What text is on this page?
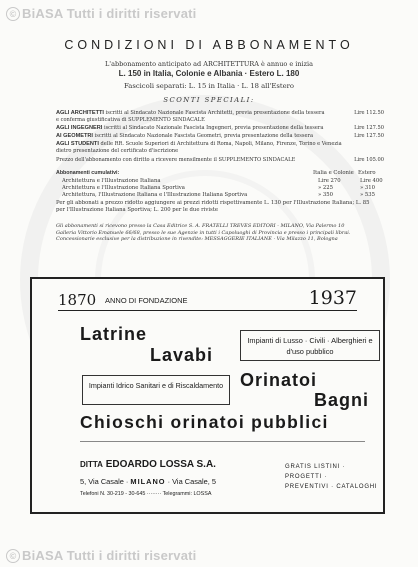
© BiASA Tutti i diritti riservati
© BiASA Tutti i diritti riservati
CONDIZIONI DI ABBONAMENTO
L'abbonamento anticipato ad ARCHITETTURA è annuo e inizia
L. 150 in Italia, Colonie e Albania · Estero L. 180
Fascicoli separati: L. 15 in Italia · L. 18 all'Estero
SCONTI SPECIALI:
AGLI ARCHITETTI iscritti al Sindacato Nazionale Fascista Architetti, previa presentazione della tessera	Lire 112.50
e conferma giustificativa di SUPPLEMENTO SINDACALE
AGLI INGEGNERI iscritti al Sindacato Nazionale Fascista Ingegneri, previa presentazione della tessera	Lire 127.50
AI GEOMETRI iscritti al Sindacato Nazionale Fascista Geometri, previa presentazione della tessera	Lire 127.50
AGLI STUDENTI delle RR. Scuole Superiori di Architettura di Roma, Napoli, Milano, Firenze, Torino e Venezia
dietro presentazione del certificato d'iscrizione
Prezzo dell'abbonamento con diritto a ricevere mensilmente il SUPPLEMENTO SINDACALE	Lire 105.00
Abbonamenti cumulativi:	Italia e Colonie Estero
Architettura e l'Illustrazione Italiana	Lire 270	Lire 400
Architettura e l'Illustrazione Italiana Sportiva	» 225	» 310
Architettura, l'Illustrazione Italiana e l'Illustrazione Italiana Sportiva	» 350	» 535
Per gli abbonati a prezzo ridotto aggiungere ai prezzi ridotti rispettivamente L. 130 per l'Illustrazione Italiana; L. 85
per l'Illustrazione Italiana Sportiva; L. 200 per le due riviste
Gli abbonamenti si ricevono presso la Casa Editrice S. A. FRATELLI TREVES EDITORI - MILANO, Via Palermo 10
Galleria Vittorio Emanuele 66/68, presso le sue Agenzie in tutti i Capoluoghi di Provincia e presso i principali librai.
Concessionarie esclusive per la distribuzione in rivendite: MESSAGGERIE ITALIANE · Via Milazzo 11, Bologna
1870 ANNO DI FONDAZIONE	1937
Latrine
Lavabi
Impianti di Lusso · Civili · Alberghieri e d'uso pubblico
Impianti Idrico Sanitari e di Riscaldamento Orinatoi
Bagni
Chioschi orinatoi pubblici
DITTA EDOARDO LOSSA S.A.
5, Via Casale · MILANO · Via Casale, 5
Telefoni N. 30-219 - 30-645 ········ Telegrammi: LOSSA
GRATIS LISTINI · PROGETTI ·
PREVENTIVI · CATALOGHI
